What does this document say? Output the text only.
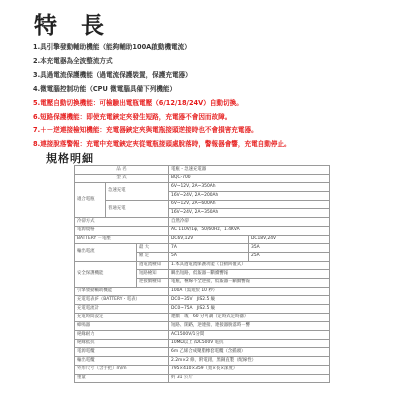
特 長
1.具引擎發動輔助機能（能夠輔助100A啟動機電流）
2.本充電器為全波整流方式
3.具過電流保護機能（過電流保護裝置，保護充電器）
4.微電腦控制功能（CPU 微電腦具備下列機能）
5.電壓自動切換機能：可檢驗出電瓶電壓（6/12/18/24V）自動切換。
6.短路保護機能：即使充電鋏定夾發生短路，充電器不會因而故障。
7.＋－逆連接檢知機能：充電器鋏定夾與電瓶接頭逆接時也不會損害充電器。
8.連接脫落警報：充電中充電鋏定夾從電瓶接頭處脫落時，警報器會響，充電自動停止。
規格明細
品 名			電瓶・急速充電器	
型 式			BQC-700	
適合電瓶	急速充電		6V~12V, 2A~350Ah	
			16V~24V, 2A~200Ah	
	普通充電		6V~12V, 2A~600Ah	
			16V~24V, 2A~350Ah	
冷卻方式			自然冷卻	
電源規格			AC 110V/1φ，50/60Hz，1.4KVA	
BATTERY －電壓			DC6V,12V	DC18V,24V
輸出電流		最 大	7A	35A
		額 定	5A	25A
安全保護機能		過電流檢知	1.本其過電流保護功能（自動回復式）	
		短路檢知	瞬出短路，低報器－斷續響報	
		逆接續檢知	電瓶，極線不全逆接，低報器－斷續響報	
引擎發動輔助機能			100A（需短於 10 秒）	
充電電表(F（BATTERY・電表）			DC0~35V　JIS2.5 級	
充電電流計			DC0~75A　JIS2.5 級	
充電時間設定			連續　或　60 分可調（定時式定時器）	
蜂鳴器			短路、開路，逆連接、連接器脫落時－響	
絕緣耐力			AC1500V/1分間	
絕緣抵抗			10MΩ以上 /DC500V 電抗	
電源電纜			6m 乙烯合成聚脂橡套電纜（含插頭）	
輸出電纜			2.2m×2 條，附電鉗，黑銅直製（配線性）	
外形尺寸（含手把）m/m			795×410×359（寬×長×深度）	
重量			約 31 公斤	
